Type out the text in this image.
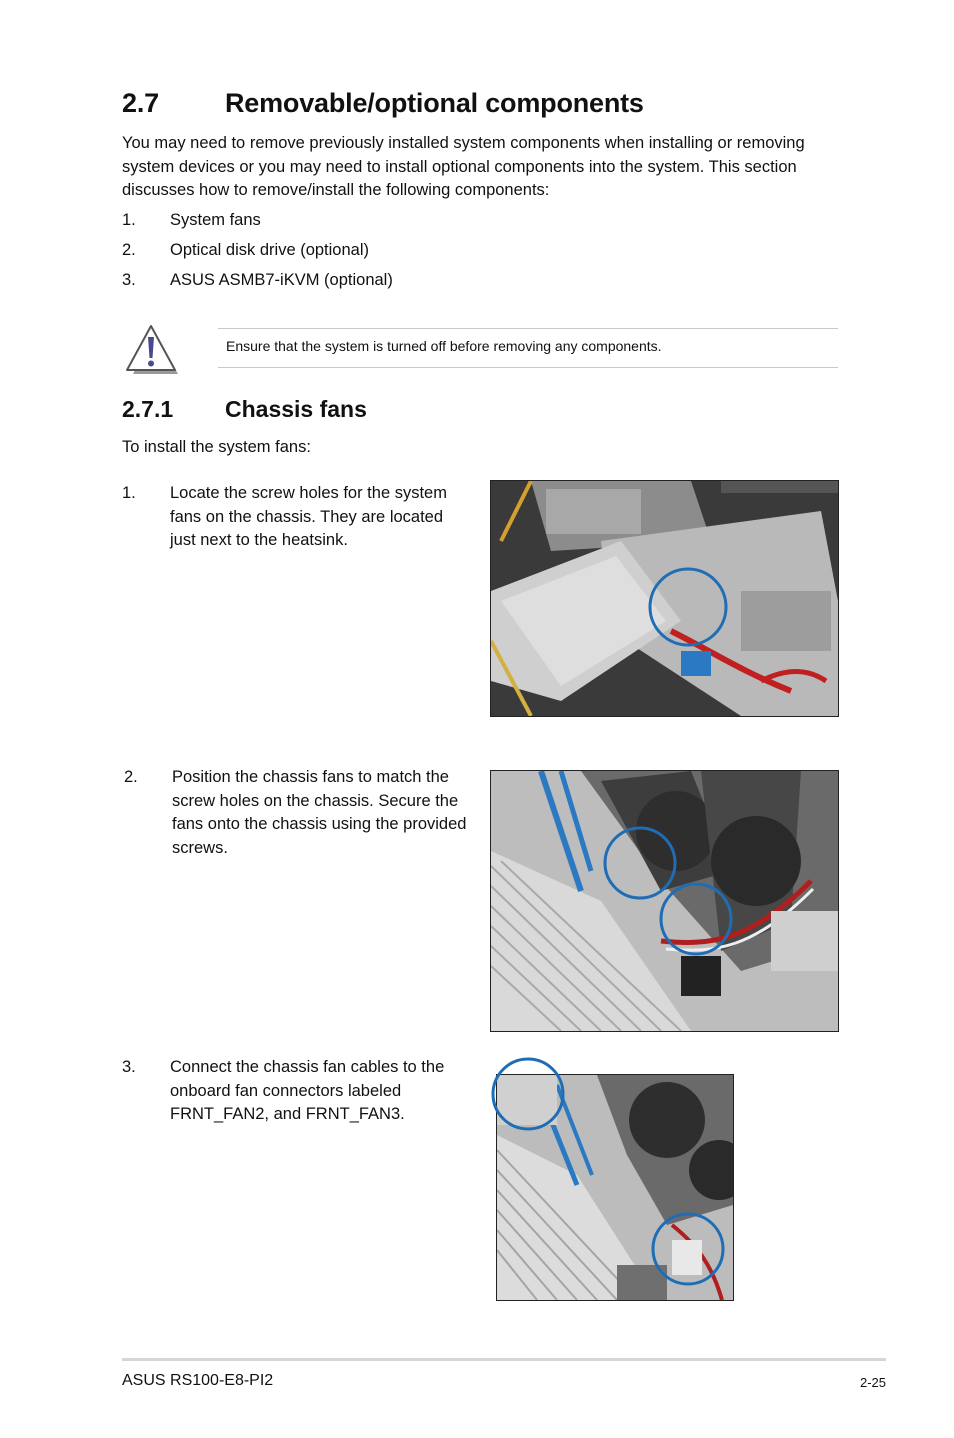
2.7 Removable/optional components
You may need to remove previously installed system components when installing or removing system devices or you may need to install optional components into the system. This section discusses how to remove/install the following components:
1. System fans
2. Optical disk drive (optional)
3. ASUS ASMB7-iKVM (optional)
Ensure that the system is turned off before removing any components.
2.7.1 Chassis fans
To install the system fans:
1. Locate the screw holes for the system fans on the chassis. They are located just next to the heatsink.
2. Position the chassis fans to match the screw holes on the chassis. Secure the fans onto the chassis using the provided screws.
3. Connect the chassis fan cables to the onboard fan connectors labeled FRNT_FAN2, and FRNT_FAN3.
ASUS RS100-E8-PI2	2-25
